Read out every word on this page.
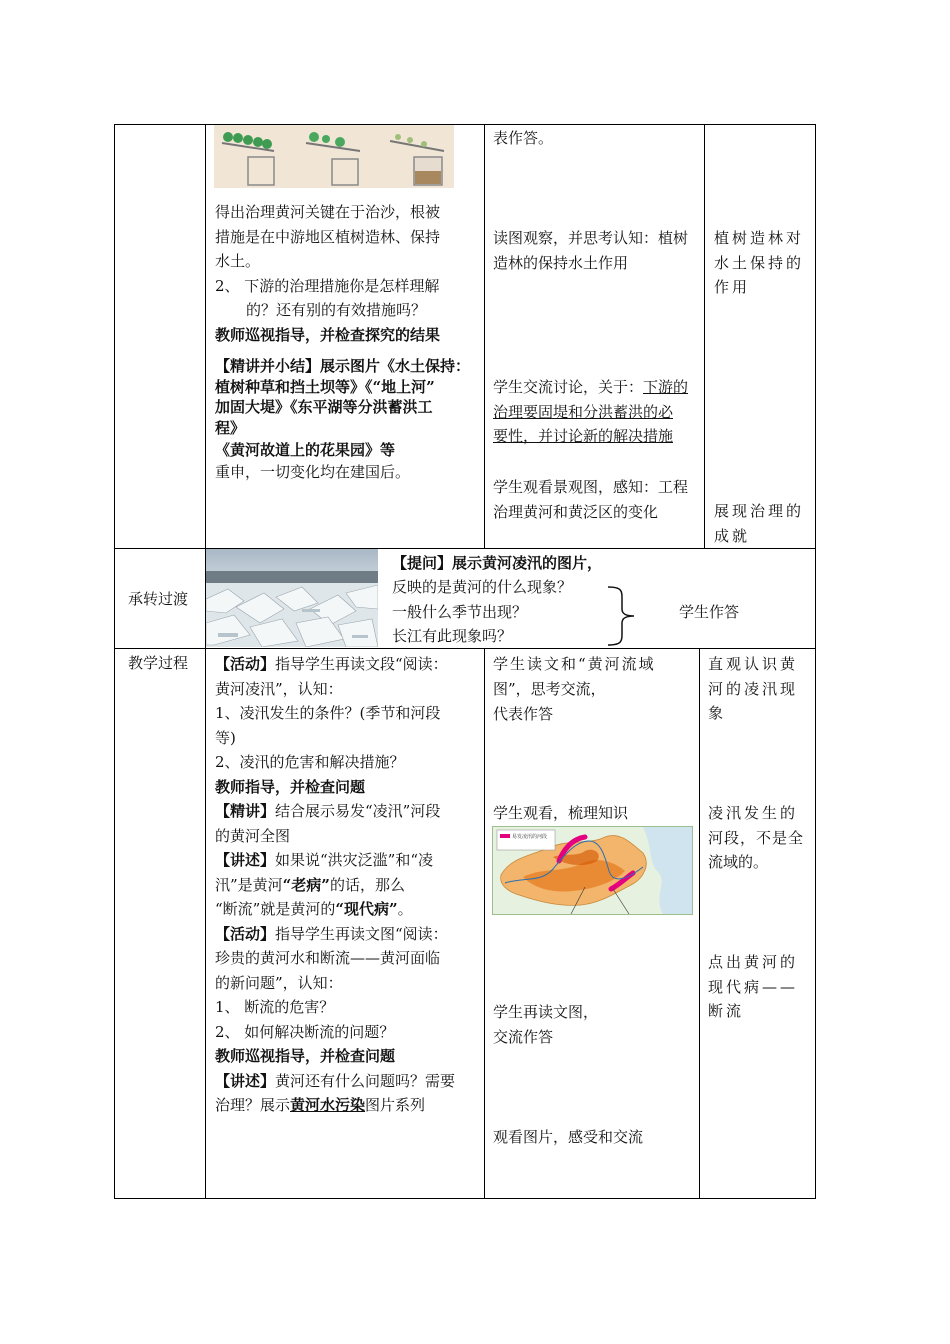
得出治理黄河关键在于治沙，根被

措施是在中游地区植树造林、保持

水土。

2、 下游的治理措施你是怎样理解

的？还有别的有效措施吗？

教师巡视指导，并检查探究的结果

【精讲并小结】展示图片《水土保持：

植树种草和挡土坝等》《“地上河”

加固大堤》《东平湖等分洪蓄洪工

程》

《黄河故道上的花果园》等

重申，一切变化均在建国后。

表作答。

读图观察，并思考认知：植树

造林的保持水土作用

学生交流讨论，关于：下游的

治理要固堤和分洪蓄洪的必

要性，并讨论新的解决措施

学生观看景观图，感知：工程

治理黄河和黄泛区的变化

植树造林对

水土保持的

作用

展现治理的

成就

承转过渡
【提问】展示黄河凌汛的图片，
反映的是黄河的什么现象？
一般什么季节出现？
长江有此现象吗？
学生作答
教学过程 【活动】指导学生再读文段“阅读：

黄河凌汛”，认知：

1、凌汛发生的条件？(季节和河段

等)

2、凌汛的危害和解决措施？

教师指导，并检查问题

【精讲】结合展示易发“凌汛”河段

的黄河全图

【讲述】如果说“洪灾泛滥”和“凌

汛”是黄河“老病”的话，那么

“断流”就是黄河的“现代病”。

【活动】指导学生再读文图“阅读：

珍贵的黄河水和断流——黄河面临

的新问题”，认知：

1、 断流的危害？

2、 如何解决断流的问题？

教师巡视指导，并检查问题

【讲述】黄河还有什么问题吗？需要

治理？展示黄河水污染图片系列

学生读文和“黄河流域

图”，思考交流，

代表作答

学生观看，梳理知识
易发凌汛的河段

学生再读文图，

交流作答

观看图片，感受和交流

直观认识黄

河的凌汛现

象

凌汛发生的

河段，不是全

流域的。

点出黄河的

现代病——

断流
